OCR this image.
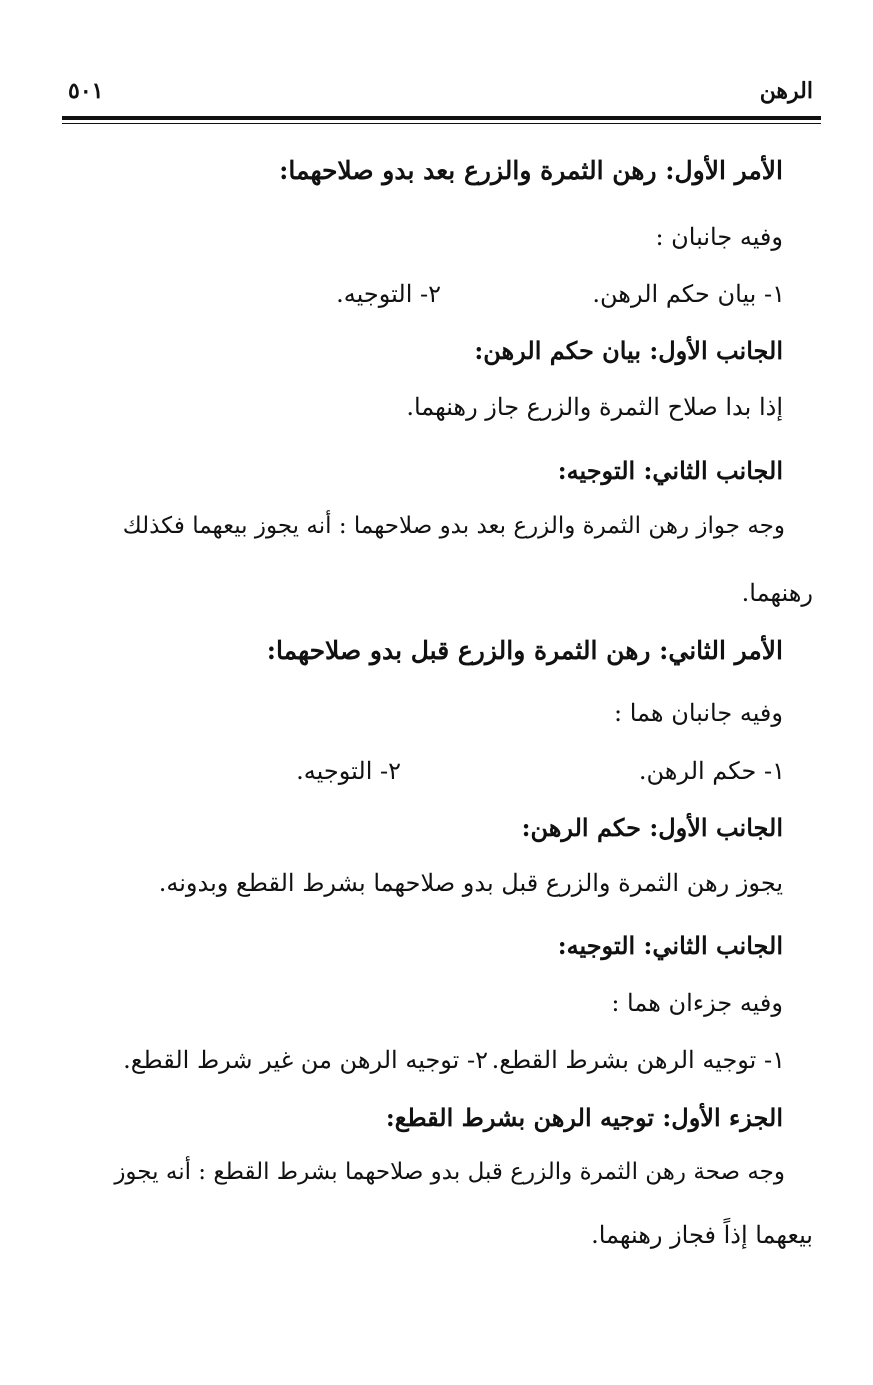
الرهن
٥٠١
الأمر الأول: رهن الثمرة والزرع بعد بدو صلاحهما:
وفيه جانبان :
١- بيان حكم الرهن.
٢- التوجيه.
الجانب الأول: بيان حكم الرهن:
إذا بدا صلاح الثمرة والزرع جاز رهنهما.
الجانب الثاني: التوجيه:
وجه جواز رهن الثمرة والزرع بعد بدو صلاحهما : أنه يجوز بيعهما فكذلك
رهنهما.
الأمر الثاني: رهن الثمرة والزرع قبل بدو صلاحهما:
وفيه جانبان هما :
١- حكم الرهن.
٢- التوجيه.
الجانب الأول: حكم الرهن:
يجوز رهن الثمرة والزرع قبل بدو صلاحهما بشرط القطع وبدونه.
الجانب الثاني: التوجيه:
وفيه جزءان هما :
١- توجيه الرهن بشرط القطع.
٢- توجيه الرهن من غير شرط القطع.
الجزء الأول: توجيه الرهن بشرط القطع:
وجه صحة رهن الثمرة والزرع قبل بدو صلاحهما بشرط القطع : أنه يجوز
بيعهما إذاً فجاز رهنهما.
